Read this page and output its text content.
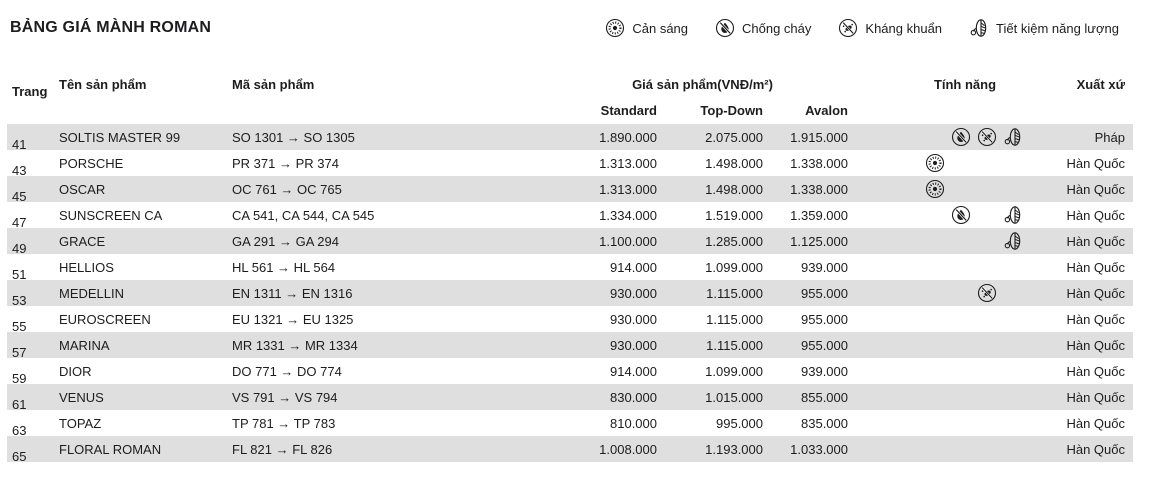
BẢNG GIÁ MÀNH ROMAN	Cản sáng	Chống cháy	Kháng khuẩn	Tiết kiệm năng lượng
Trang Tên sản phẩm	Mã sản phẩm	Giá sản phẩm(VNĐ/m²)	Tính năng	Xuất xứ
Standard	Top-Down	Avalon
41	SOLTIS MASTER 99	SO 1301 → SO 1305	1.890.000	2.075.000	1.915.000	Pháp
43	PORSCHE	PR 371 → PR 374	1.313.000	1.498.000	1.338.000	Hàn Quốc
45	OSCAR	OC 761 → OC 765	1.313.000	1.498.000	1.338.000	Hàn Quốc
47	SUNSCREEN CA	CA 541, CA 544, CA 545	1.334.000	1.519.000	1.359.000	Hàn Quốc
49	GRACE	GA 291 → GA 294	1.100.000	1.285.000	1.125.000	Hàn Quốc
51	HELLIOS	HL 561 → HL 564	914.000	1.099.000	939.000	Hàn Quốc
53	MEDELLIN	EN 1311 → EN 1316	930.000	1.115.000	955.000	Hàn Quốc
55	EUROSCREEN	EU 1321 → EU 1325	930.000	1.115.000	955.000	Hàn Quốc
57	MARINA	MR 1331 → MR 1334	930.000	1.115.000	955.000	Hàn Quốc
59	DIOR	DO 771 → DO 774	914.000	1.099.000	939.000	Hàn Quốc
61	VENUS	VS 791 → VS 794	830.000	1.015.000	855.000	Hàn Quốc
63	TOPAZ	TP 781 → TP 783	810.000	995.000	835.000	Hàn Quốc
65	FLORAL ROMAN	FL 821 → FL 826	1.008.000	1.193.000	1.033.000	Hàn Quốc
